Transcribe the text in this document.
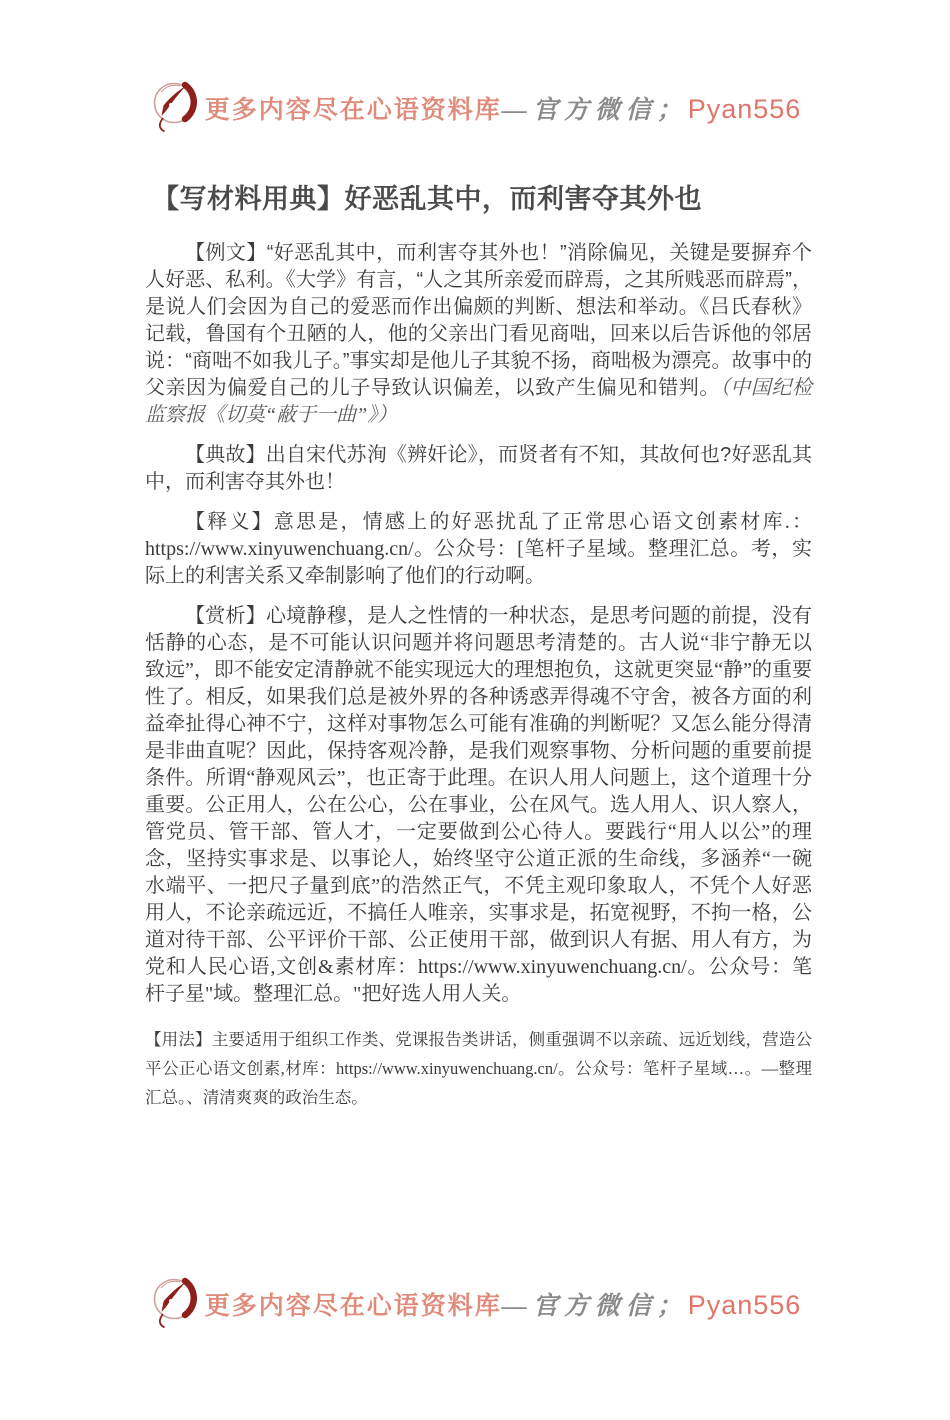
更多内容尽在心语资料库—官方微信；Pyan556
【写材料用典】好恶乱其中，而利害夺其外也

【例文】“好恶乱其中，而利害夺其外也！”消除偏见，关键是要摒弃个人好恶、私利。《大学》有言，“人之其所亲爱而辟焉，之其所贱恶而辟焉”，是说人们会因为自己的爱恶而作出偏颇的判断、想法和举动。《吕氏春秋》记载，鲁国有个丑陋的人，他的父亲出门看见商咄，回来以后告诉他的邻居说：“商咄不如我儿子。”事实却是他儿子其貌不扬，商咄极为漂亮。故事中的父亲因为偏爱自己的儿子导致认识偏差，以致产生偏见和错判。（中国纪检监察报《切莫“蔽于一曲”》）

【典故】出自宋代苏洵《辨奸论》，而贤者有不知，其故何也?好恶乱其中，而利害夺其外也！

【释义】意思是，情感上的好恶扰乱了正常思心语文创素材库.：https://www.xinyuwenchuang.cn/。公众号：[笔杆子星域。整理汇总。考，实际上的利害关系又牵制影响了他们的行动啊。

【赏析】心境静穆，是人之性情的一种状态，是思考问题的前提，没有恬静的心态，是不可能认识问题并将问题思考清楚的。古人说“非宁静无以致远”，即不能安定清静就不能实现远大的理想抱负，这就更突显“静”的重要性了。相反，如果我们总是被外界的各种诱惑弄得魂不守舍，被各方面的利益牵扯得心神不宁，这样对事物怎么可能有准确的判断呢？又怎么能分得清是非曲直呢？因此，保持客观冷静，是我们观察事物、分析问题的重要前提条件。所谓“静观风云”，也正寄于此理。在识人用人问题上，这个道理十分重要。公正用人，公在公心，公在事业，公在风气。选人用人、识人察人，管党员、管干部、管人才，一定要做到公心待人。要践行“用人以公”的理念，坚持实事求是、以事论人，始终坚守公道正派的生命线，多涵养“一碗水端平、一把尺子量到底”的浩然正气，不凭主观印象取人，不凭个人好恶用人，不论亲疏远近，不搞任人唯亲，实事求是，拓宽视野，不拘一格，公道对待干部、公平评价干部、公正使用干部，做到识人有据、用人有方，为党和人民心语,文创&素材库：https://www.xinyuwenchuang.cn/。公众号：笔杆子星"域。整理汇总。"把好选人用人关。

【用法】主要适用于组织工作类、党课报告类讲话，侧重强调不以亲疏、远近划线，营造公平公正心语文创素,材库：https://www.xinyuwenchuang.cn/。公众号：笔杆子星域…。—整理汇总。、清清爽爽的政治生态。

更多内容尽在心语资料库—官方微信；Pyan556
